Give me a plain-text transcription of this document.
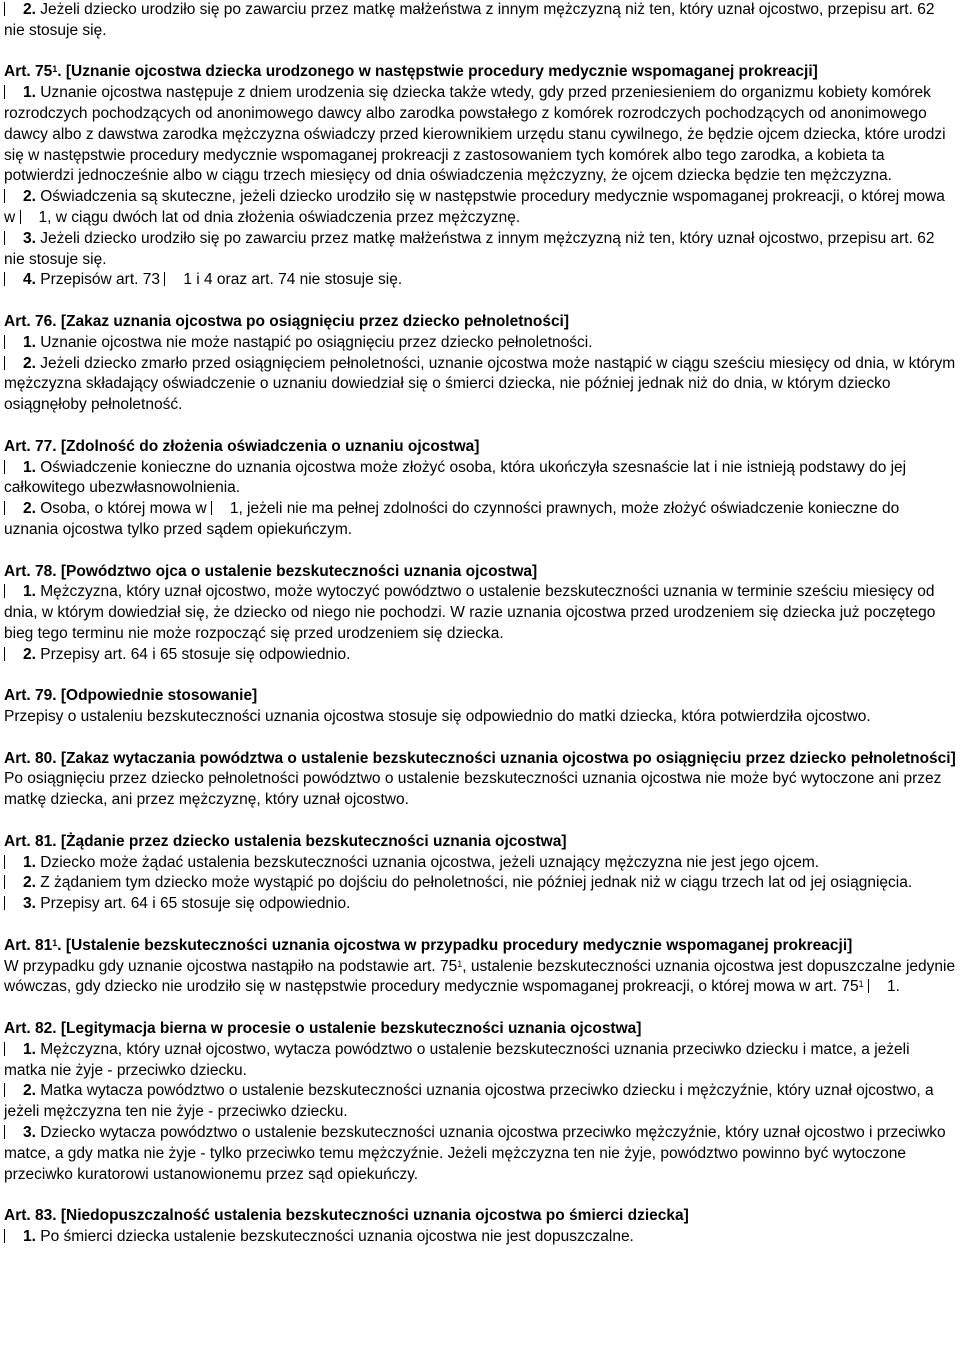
2. Jeżeli dziecko urodziło się po zawarciu przez matkę małżeństwa z innym mężczyzną niż ten, który uznał ojcostwo, przepisu art. 62 nie stosuje się.

Art. $75^1$. [Uznanie ojcostwa dziecka urodzonego w następstwie procedury medycznie wspomaganej prokreacji]

1. Uznanie ojcostwa następuje z dniem urodzenia się dziecka także wtedy, gdy przed przeniesieniem do organizmu kobiety komórek rozrodczych pochodzących od anonimowego dawcy albo zarodka powstałego z komórek rozrodczych pochodzących od anonimowego dawcy albo z dawstwa zarodka mężczyzna oświadczy przed kierownikiem urzędu stanu cywilnego, że będzie ojcem dziecka, które urodzi się w następstwie procedury medycznie wspomaganej prokreacji z zastosowaniem tych komórek albo tego zarodka, a kobieta ta potwierdzi jednocześnie albo w ciągu trzech miesięcy od dnia oświadczenia mężczyzny, że ojcem dziecka będzie ten mężczyzna.

2. Oświadczenia są skuteczne, jeżeli dziecko urodziło się w następstwie procedury medycznie wspomaganej prokreacji, o której mowa w 1, w ciągu dwóch lat od dnia złożenia oświadczenia przez mężczyznę.

3. Jeżeli dziecko urodziło się po zawarciu przez matkę małżeństwa z innym mężczyzną niż ten, który uznał ojcostwo, przepisu art. 62 nie stosuje się.

4. Przepisów art. 73 1 i 4 oraz art. 74 nie stosuje się.

Art. 76. [Zakaz uznania ojcostwa po osiągnięciu przez dziecko pełnoletności]

1. Uznanie ojcostwa nie może nastąpić po osiągnięciu przez dziecko pełnoletności.

2. Jeżeli dziecko zmarło przed osiągnięciem pełnoletności, uznanie ojcostwa może nastąpić w ciągu sześciu miesięcy od dnia, w którym mężczyzna składający oświadczenie o uznaniu dowiedział się o śmierci dziecka, nie później jednak niż do dnia, w którym dziecko osiągnęłoby pełnoletność.

Art. 77. [Zdolność do złożenia oświadczenia o uznaniu ojcostwa]

1. Oświadczenie konieczne do uznania ojcostwa może złożyć osoba, która ukończyła szesnaście lat i nie istnieją podstawy do jej całkowitego ubezwłasnowolnienia.

2. Osoba, o której mowa w 1, jeżeli nie ma pełnej zdolności do czynności prawnych, może złożyć oświadczenie konieczne do uznania ojcostwa tylko przed sądem opiekuńczym.

Art. 78. [Powództwo ojca o ustalenie bezskuteczności uznania ojcostwa]

1. Mężczyzna, który uznał ojcostwo, może wytoczyć powództwo o ustalenie bezskuteczności uznania w terminie sześciu miesięcy od dnia, w którym dowiedział się, że dziecko od niego nie pochodzi. W razie uznania ojcostwa przed urodzeniem się dziecka już poczętego bieg tego terminu nie może rozpocząć się przed urodzeniem się dziecka.

2. Przepisy art. 64 i 65 stosuje się odpowiednio.

Art. 79. [Odpowiednie stosowanie]

Przepisy o ustaleniu bezskuteczności uznania ojcostwa stosuje się odpowiednio do matki dziecka, która potwierdziła ojcostwo.

Art. 80. [Zakaz wytaczania powództwa o ustalenie bezskuteczności uznania ojcostwa po osiągnięciu przez dziecko pełnoletności]

Po osiągnięciu przez dziecko pełnoletności powództwo o ustalenie bezskuteczności uznania ojcostwa nie może być wytoczone ani przez matkę dziecka, ani przez mężczyznę, który uznał ojcostwo.

Art. 81. [Żądanie przez dziecko ustalenia bezskuteczności uznania ojcostwa]

1. Dziecko może żądać ustalenia bezskuteczności uznania ojcostwa, jeżeli uznający mężczyzna nie jest jego ojcem.

2. Z żądaniem tym dziecko może wystąpić po dojściu do pełnoletności, nie później jednak niż w ciągu trzech lat od jej osiągnięcia.

3. Przepisy art. 64 i 65 stosuje się odpowiednio.

Art. $81^1$. [Ustalenie bezskuteczności uznania ojcostwa w przypadku procedury medycznie wspomaganej prokreacji]

W przypadku gdy uznanie ojcostwa nastąpiło na podstawie art. $75^1$, ustalenie bezskuteczności uznania ojcostwa jest dopuszczalne jedynie wówczas, gdy dziecko nie urodziło się w następstwie procedury medycznie wspomaganej prokreacji, o której mowa w art. $75^1$ 1.

Art. 82. [Legitymacja bierna w procesie o ustalenie bezskuteczności uznania ojcostwa]

1. Mężczyzna, który uznał ojcostwo, wytacza powództwo o ustalenie bezskuteczności uznania przeciwko dziecku i matce, a jeżeli matka nie żyje - przeciwko dziecku.

2. Matka wytacza powództwo o ustalenie bezskuteczności uznania ojcostwa przeciwko dziecku i mężczyźnie, który uznał ojcostwo, a jeżeli mężczyzna ten nie żyje - przeciwko dziecku.

3. Dziecko wytacza powództwo o ustalenie bezskuteczności uznania ojcostwa przeciwko mężczyźnie, który uznał ojcostwo i przeciwko matce, a gdy matka nie żyje - tylko przeciwko temu mężczyźnie. Jeżeli mężczyzna ten nie żyje, powództwo powinno być wytoczone przeciwko kuratorowi ustanowionemu przez sąd opiekuńczy.

Art. 83. [Niedopuszczalność ustalenia bezskuteczności uznania ojcostwa po śmierci dziecka]

1. Po śmierci dziecka ustalenie bezskuteczności uznania ojcostwa nie jest dopuszczalne.
